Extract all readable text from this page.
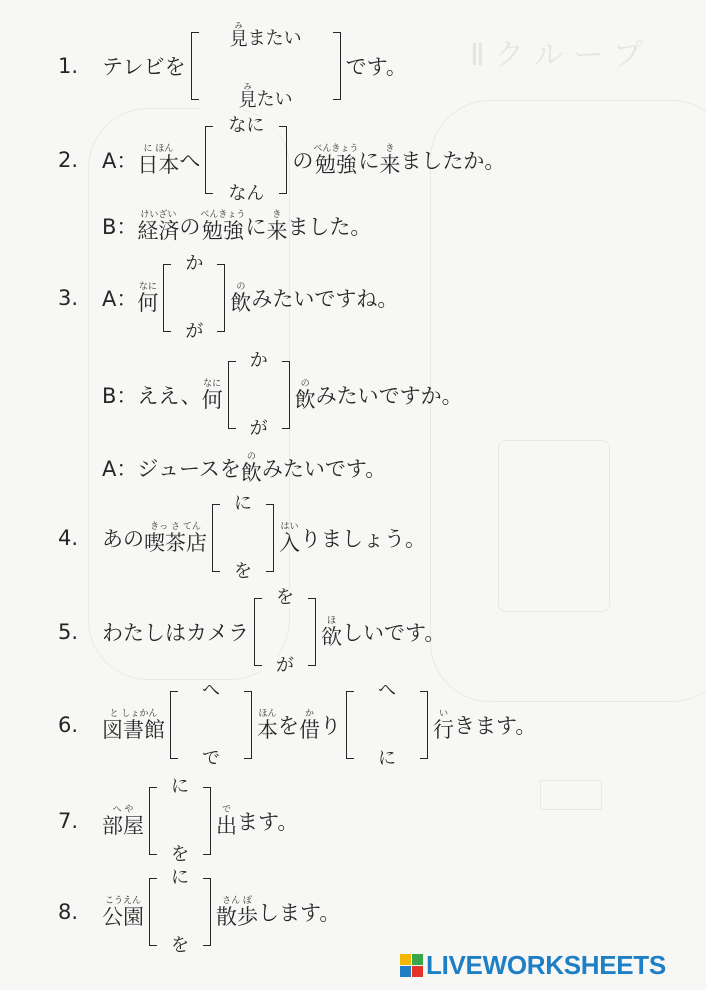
Ⅱ ク ル ー プ
1.	テレビを
み
見 またい
み
見 たい
です。
2.	A：
に ほん
日本 へ
なに
なん
の
べんきょう
勉強 に
き
来 ましたか。
B：
けいざい
経済 の
べんきょう
勉強 に
き
来 ました。
3.	A：
なに
何
か
が
の
飲 みたいですね。
B： ええ、
なに
何
か
が
の
飲 みたいですか。
A： ジュースを
の
飲 みたいです。
4.	あの
きっ さ てん
喫茶店
に
を
はい
入 りましょう。
5.	わたしはカメラ
を
が
ほ
欲 しいです。
6.	と しょかん
図書館
へ
で
ほん
本 を
か
借 り
へ
に
い
行 きます。
7.	へ や
部屋
に
を
で
出 ます。
8.	こうえん
公園
に
を
さん ぽ
散歩 します。
LIVEWORKSHEETS
